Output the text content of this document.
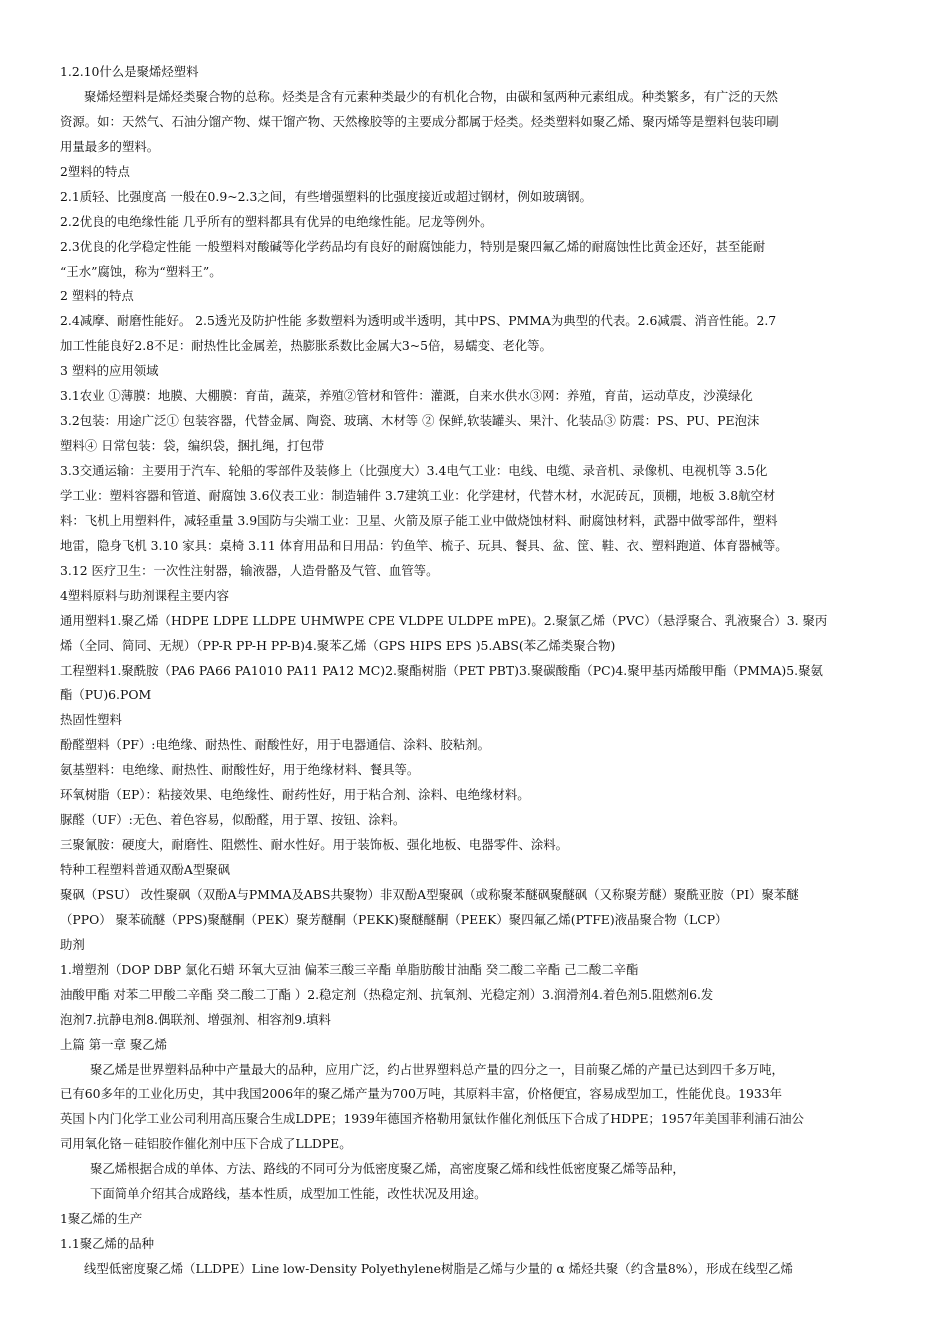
1.2.10什么是聚烯烃塑料
聚烯烃塑料是烯烃类聚合物的总称。烃类是含有元素种类最少的有机化合物，由碳和氢两种元素组成。种类繁多，有广泛的天然
资源。如：天然气、石油分馏产物、煤干馏产物、天然橡胶等的主要成分都属于烃类。烃类塑料如聚乙烯、聚丙烯等是塑料包装印刷
用量最多的塑料。
2塑料的特点
2.1质轻、比强度高 一般在0.9~2.3之间，有些增强塑料的比强度接近或超过钢材，例如玻璃钢。
2.2优良的电绝缘性能 几乎所有的塑料都具有优异的电绝缘性能。尼龙等例外。
2.3优良的化学稳定性能 一般塑料对酸碱等化学药品均有良好的耐腐蚀能力，特别是聚四氟乙烯的耐腐蚀性比黄金还好，甚至能耐
“王水”腐蚀，称为“塑料王”。
2 塑料的特点
2.4减摩、耐磨性能好。 2.5透光及防护性能 多数塑料为透明或半透明，其中PS、PMMA为典型的代表。2.6减震、消音性能。2.7
加工性能良好2.8不足：耐热性比金属差，热膨胀系数比金属大3~5倍，易蠕变、老化等。
3 塑料的应用领域
3.1农业 ①薄膜：地膜、大棚膜：育苗，蔬菜，养殖②管材和管件：灌溉，自来水供水③网：养殖，育苗，运动草皮，沙漠绿化
3.2包装：用途广泛① 包装容器，代替金属、陶瓷、玻璃、木材等 ② 保鲜,软装罐头、果汁、化装品③ 防震：PS、PU、PE泡沫
塑料④ 日常包装：袋，编织袋，捆扎绳，打包带
3.3交通运输：主要用于汽车、轮船的零部件及装修上（比强度大）3.4电气工业：电线、电缆、录音机、录像机、电视机等 3.5化
学工业：塑料容器和管道、耐腐蚀 3.6仪表工业：制造辅件 3.7建筑工业：化学建材，代替木材，水泥砖瓦，顶棚，地板 3.8航空材
料：飞机上用塑料件，减轻重量 3.9国防与尖端工业：卫星、火箭及原子能工业中做烧蚀材料、耐腐蚀材料，武器中做零部件，塑料
地雷，隐身飞机 3.10 家具：桌椅 3.11 体育用品和日用品：钓鱼竿、梳子、玩具、餐具、盆、筐、鞋、衣、塑料跑道、体育器械等。
3.12 医疗卫生：一次性注射器，输液器，人造骨骼及气管、血管等。
4塑料原料与助剂课程主要内容
通用塑料1.聚乙烯（HDPE LDPE LLDPE UHMWPE CPE VLDPE ULDPE mPE)。2.聚氯乙烯（PVC）（悬浮聚合、乳液聚合）3. 聚丙
烯（全同、简同、无规）（PP-R PP-H PP-B)4.聚苯乙烯（GPS HIPS EPS )5.ABS(苯乙烯类聚合物)
工程塑料1.聚酰胺（PA6 PA66 PA1010 PA11 PA12 MC)2.聚酯树脂（PET PBT)3.聚碳酸酯（PC)4.聚甲基丙烯酸甲酯（PMMA)5.聚氨
酯（PU)6.POM
热固性塑料
酚醛塑料（PF）:电绝缘、耐热性、耐酸性好，用于电器通信、涂料、胶粘剂。
氨基塑料：电绝缘、耐热性、耐酸性好，用于绝缘材料、餐具等。
环氧树脂（EP）：粘接效果、电绝缘性、耐药性好，用于粘合剂、涂料、电绝缘材料。
脲醛（UF）:无色、着色容易，似酚醛，用于罩、按钮、涂料。
三聚氰胺：硬度大，耐磨性、阻燃性、耐水性好。用于装饰板、强化地板、电器零件、涂料。
特种工程塑料普通双酚A型聚砜
聚砜（PSU） 改性聚砜（双酚A与PMMA及ABS共聚物）非双酚A型聚砜（或称聚苯醚砜聚醚砜（又称聚芳醚）聚酰亚胺（PI）聚苯醚
（PPO） 聚苯硫醚（PPS)聚醚酮（PEK）聚芳醚酮（PEKK)聚醚醚酮（PEEK）聚四氟乙烯(PTFE)液晶聚合物（LCP）
助剂
1.增塑剂（DOP DBP 氯化石蜡 环氧大豆油 偏苯三酸三辛酯 单脂肪酸甘油酯 癸二酸二辛酯 己二酸二辛酯
油酸甲酯 对苯二甲酸二辛酯 癸二酸二丁酯 ）2.稳定剂（热稳定剂、抗氧剂、光稳定剂）3.润滑剂4.着色剂5.阻燃剂6.发
泡剂7.抗静电剂8.偶联剂、增强剂、相容剂9.填料
上篇 第一章 聚乙烯
聚乙烯是世界塑料品种中产量最大的品种，应用广泛，约占世界塑料总产量的四分之一，目前聚乙烯的产量已达到四千多万吨，
已有60多年的工业化历史，其中我国2006年的聚乙烯产量为700万吨，其原料丰富，价格便宜，容易成型加工，性能优良。1933年
英国卜内门化学工业公司利用高压聚合生成LDPE；1939年德国齐格勒用氯钛作催化剂低压下合成了HDPE；1957年美国菲利浦石油公
司用氧化铬－硅铝胶作催化剂中压下合成了LLDPE。
聚乙烯根据合成的单体、方法、路线的不同可分为低密度聚乙烯，高密度聚乙烯和线性低密度聚乙烯等品种，
下面简单介绍其合成路线，基本性质，成型加工性能，改性状况及用途。
1聚乙烯的生产
1.1聚乙烯的品种
线型低密度聚乙烯（LLDPE）Line low-Density Polyethylene树脂是乙烯与少量的 α 烯烃共聚（约含量8%），形成在线型乙烯
